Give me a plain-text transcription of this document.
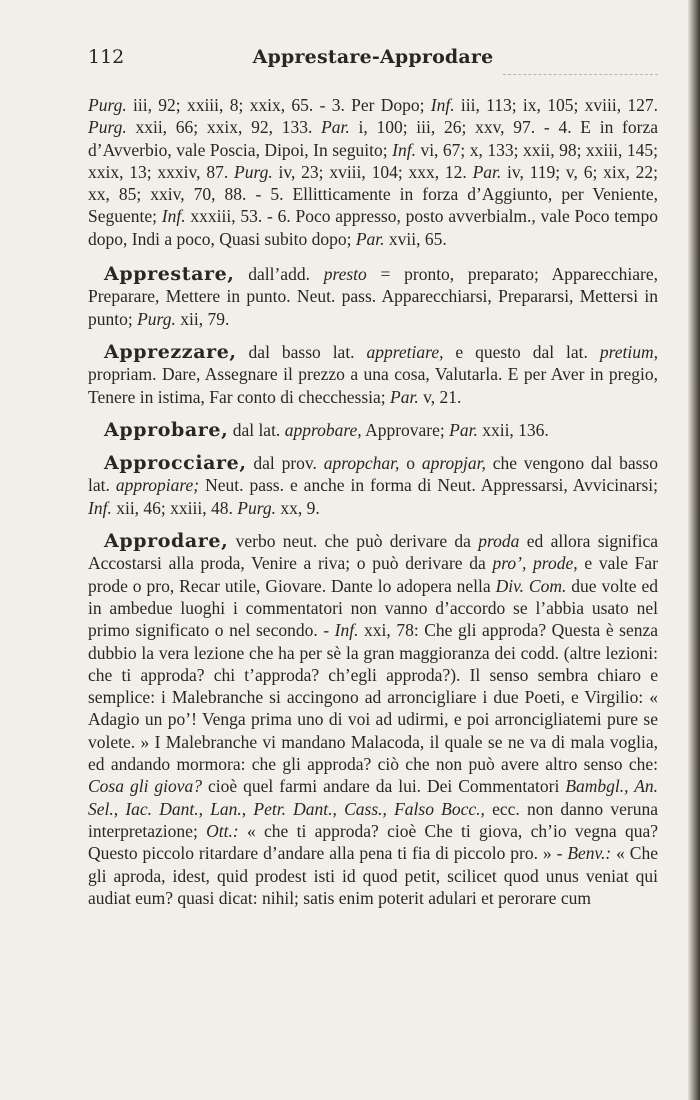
112	Apprestare-Approdare

Purg. iii, 92; xxiii, 8; xxix, 65. - 3. Per Dopo; Inf. iii, 113; ix, 105; xviii, 127. Purg. xxii, 66; xxix, 92, 133. Par. i, 100; iii, 26; xxv, 97. - 4. E in forza d’Avverbio, vale Poscia, Dipoi, In seguito; Inf. vi, 67; x, 133; xxii, 98; xxiii, 145; xxix, 13; xxxiv, 87. Purg. iv, 23; xviii, 104; xxx, 12. Par. iv, 119; v, 6; xix, 22; xx, 85; xxiv, 70, 88. - 5. Ellitticamente in forza d’Aggiunto, per Veniente, Seguente; Inf. xxxiii, 53. - 6. Poco appresso, posto avverbialm., vale Poco tempo dopo, Indi a poco, Quasi subito dopo; Par. xvii, 65.

Apprestare, dall’add. presto = pronto, preparato; Apparecchiare, Preparare, Mettere in punto. Neut. pass. Apparecchiarsi, Prepararsi, Mettersi in punto; Purg. xii, 79.

Apprezzare, dal basso lat. appretiare, e questo dal lat. pretium, propriam. Dare, Assegnare il prezzo a una cosa, Valutarla. E per Aver in pregio, Tenere in istima, Far conto di checchessia; Par. v, 21.

Approbare, dal lat. approbare, Approvare; Par. xxii, 136.

Approcciare, dal prov. apropchar, o apropjar, che vengono dal basso lat. appropiare; Neut. pass. e anche in forma di Neut. Appressarsi, Avvicinarsi; Inf. xii, 46; xxiii, 48. Purg. xx, 9.

Approdare, verbo neut. che può derivare da proda ed allora significa Accostarsi alla proda, Venire a riva; o può derivare da pro’, prode, e vale Far prode o pro, Recar utile, Giovare. Dante lo adopera nella Div. Com. due volte ed in ambedue luoghi i commentatori non vanno d’accordo se l’abbia usato nel primo significato o nel secondo. - Inf. xxi, 78: Che gli approda? Questa è senza dubbio la vera lezione che ha per sè la gran maggioranza dei codd. (altre lezioni: che ti approda? chi t’approda? ch’egli approda?). Il senso sembra chiaro e semplice: i Malebranche si accingono ad arroncigliare i due Poeti, e Virgilio: « Adagio un po’! Venga prima uno di voi ad udirmi, e poi arroncigliatemi pure se volete. » I Malebranche vi mandano Malacoda, il quale se ne va di mala voglia, ed andando mormora: che gli approda? ciò che non può avere altro senso che: Cosa gli giova? cioè quel farmi andare da lui. Dei Commentatori Bambgl., An. Sel., Iac. Dant., Lan., Petr. Dant., Cass., Falso Bocc., ecc. non danno veruna interpretazione; Ott.: « che ti approda? cioè Che ti giova, ch’io vegna qua? Questo piccolo ritardare d’andare alla pena ti fia di piccolo pro. » - Benv.: « Che gli aproda, idest, quid prodest isti id quod petit, scilicet quod unus veniat qui audiat eum? quasi dicat: nihil; satis enim poterit adulari et perorare cum
